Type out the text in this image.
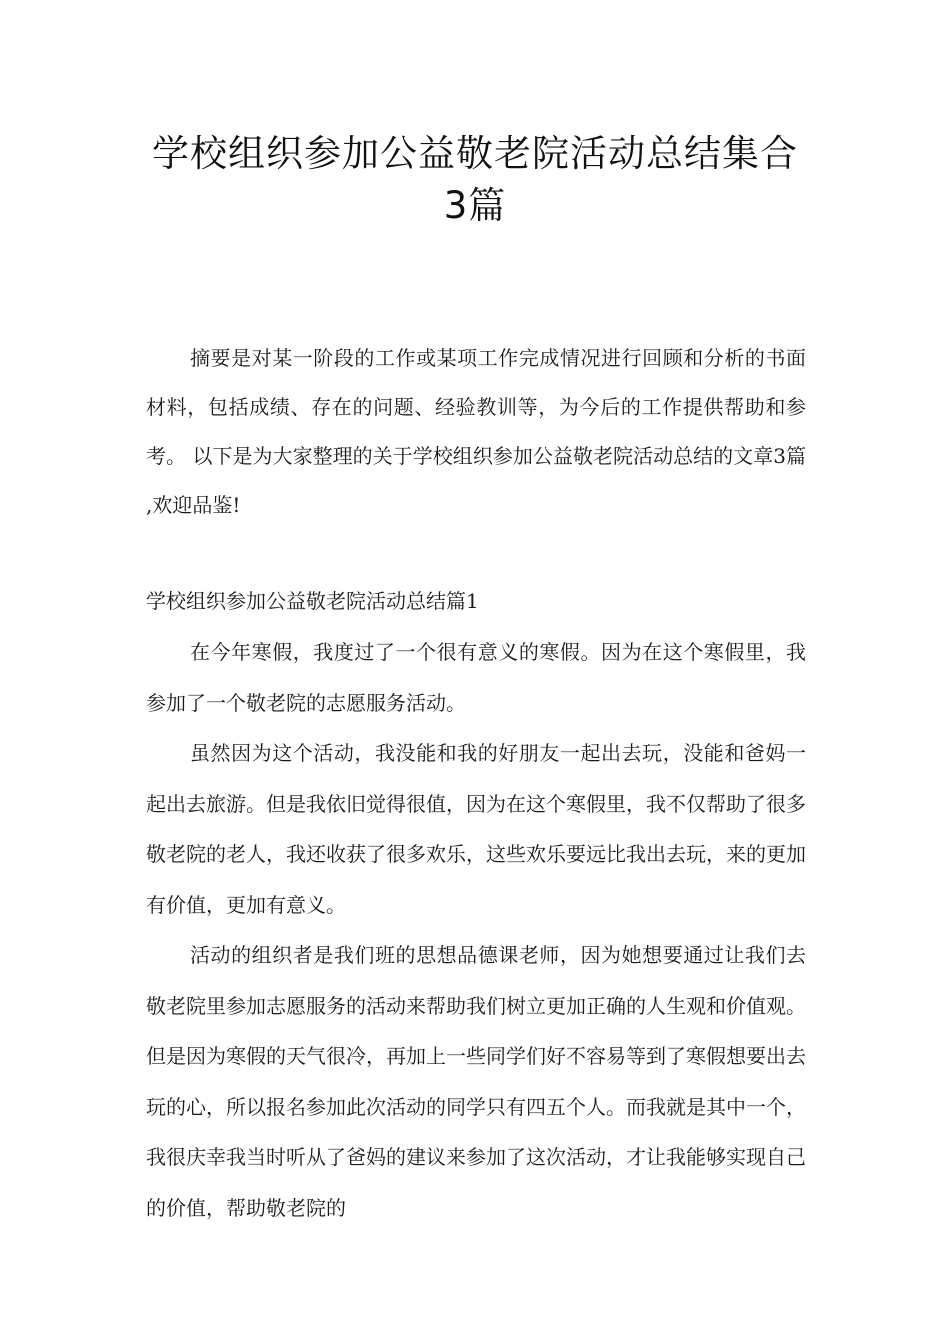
学校组织参加公益敬老院活动总结集合
3篇

摘要是对某一阶段的工作或某项工作完成情况进行回顾和分析的书面材料，包括成绩、存在的问题、经验教训等，为今后的工作提供帮助和参考。 以下是为大家整理的关于学校组织参加公益敬老院活动总结的文章3篇 ,欢迎品鉴!

学校组织参加公益敬老院活动总结篇1

在今年寒假，我度过了一个很有意义的寒假。因为在这个寒假里，我参加了一个敬老院的志愿服务活动。

虽然因为这个活动，我没能和我的好朋友一起出去玩，没能和爸妈一起出去旅游。但是我依旧觉得很值，因为在这个寒假里，我不仅帮助了很多敬老院的老人，我还收获了很多欢乐，这些欢乐要远比我出去玩，来的更加有价值，更加有意义。

活动的组织者是我们班的思想品德课老师，因为她想要通过让我们去敬老院里参加志愿服务的活动来帮助我们树立更加正确的人生观和价值观。但是因为寒假的天气很冷，再加上一些同学们好不容易等到了寒假想要出去玩的心，所以报名参加此次活动的同学只有四五个人。而我就是其中一个，我很庆幸我当时听从了爸妈的建议来参加了这次活动，才让我能够实现自己的价值，帮助敬老院的
